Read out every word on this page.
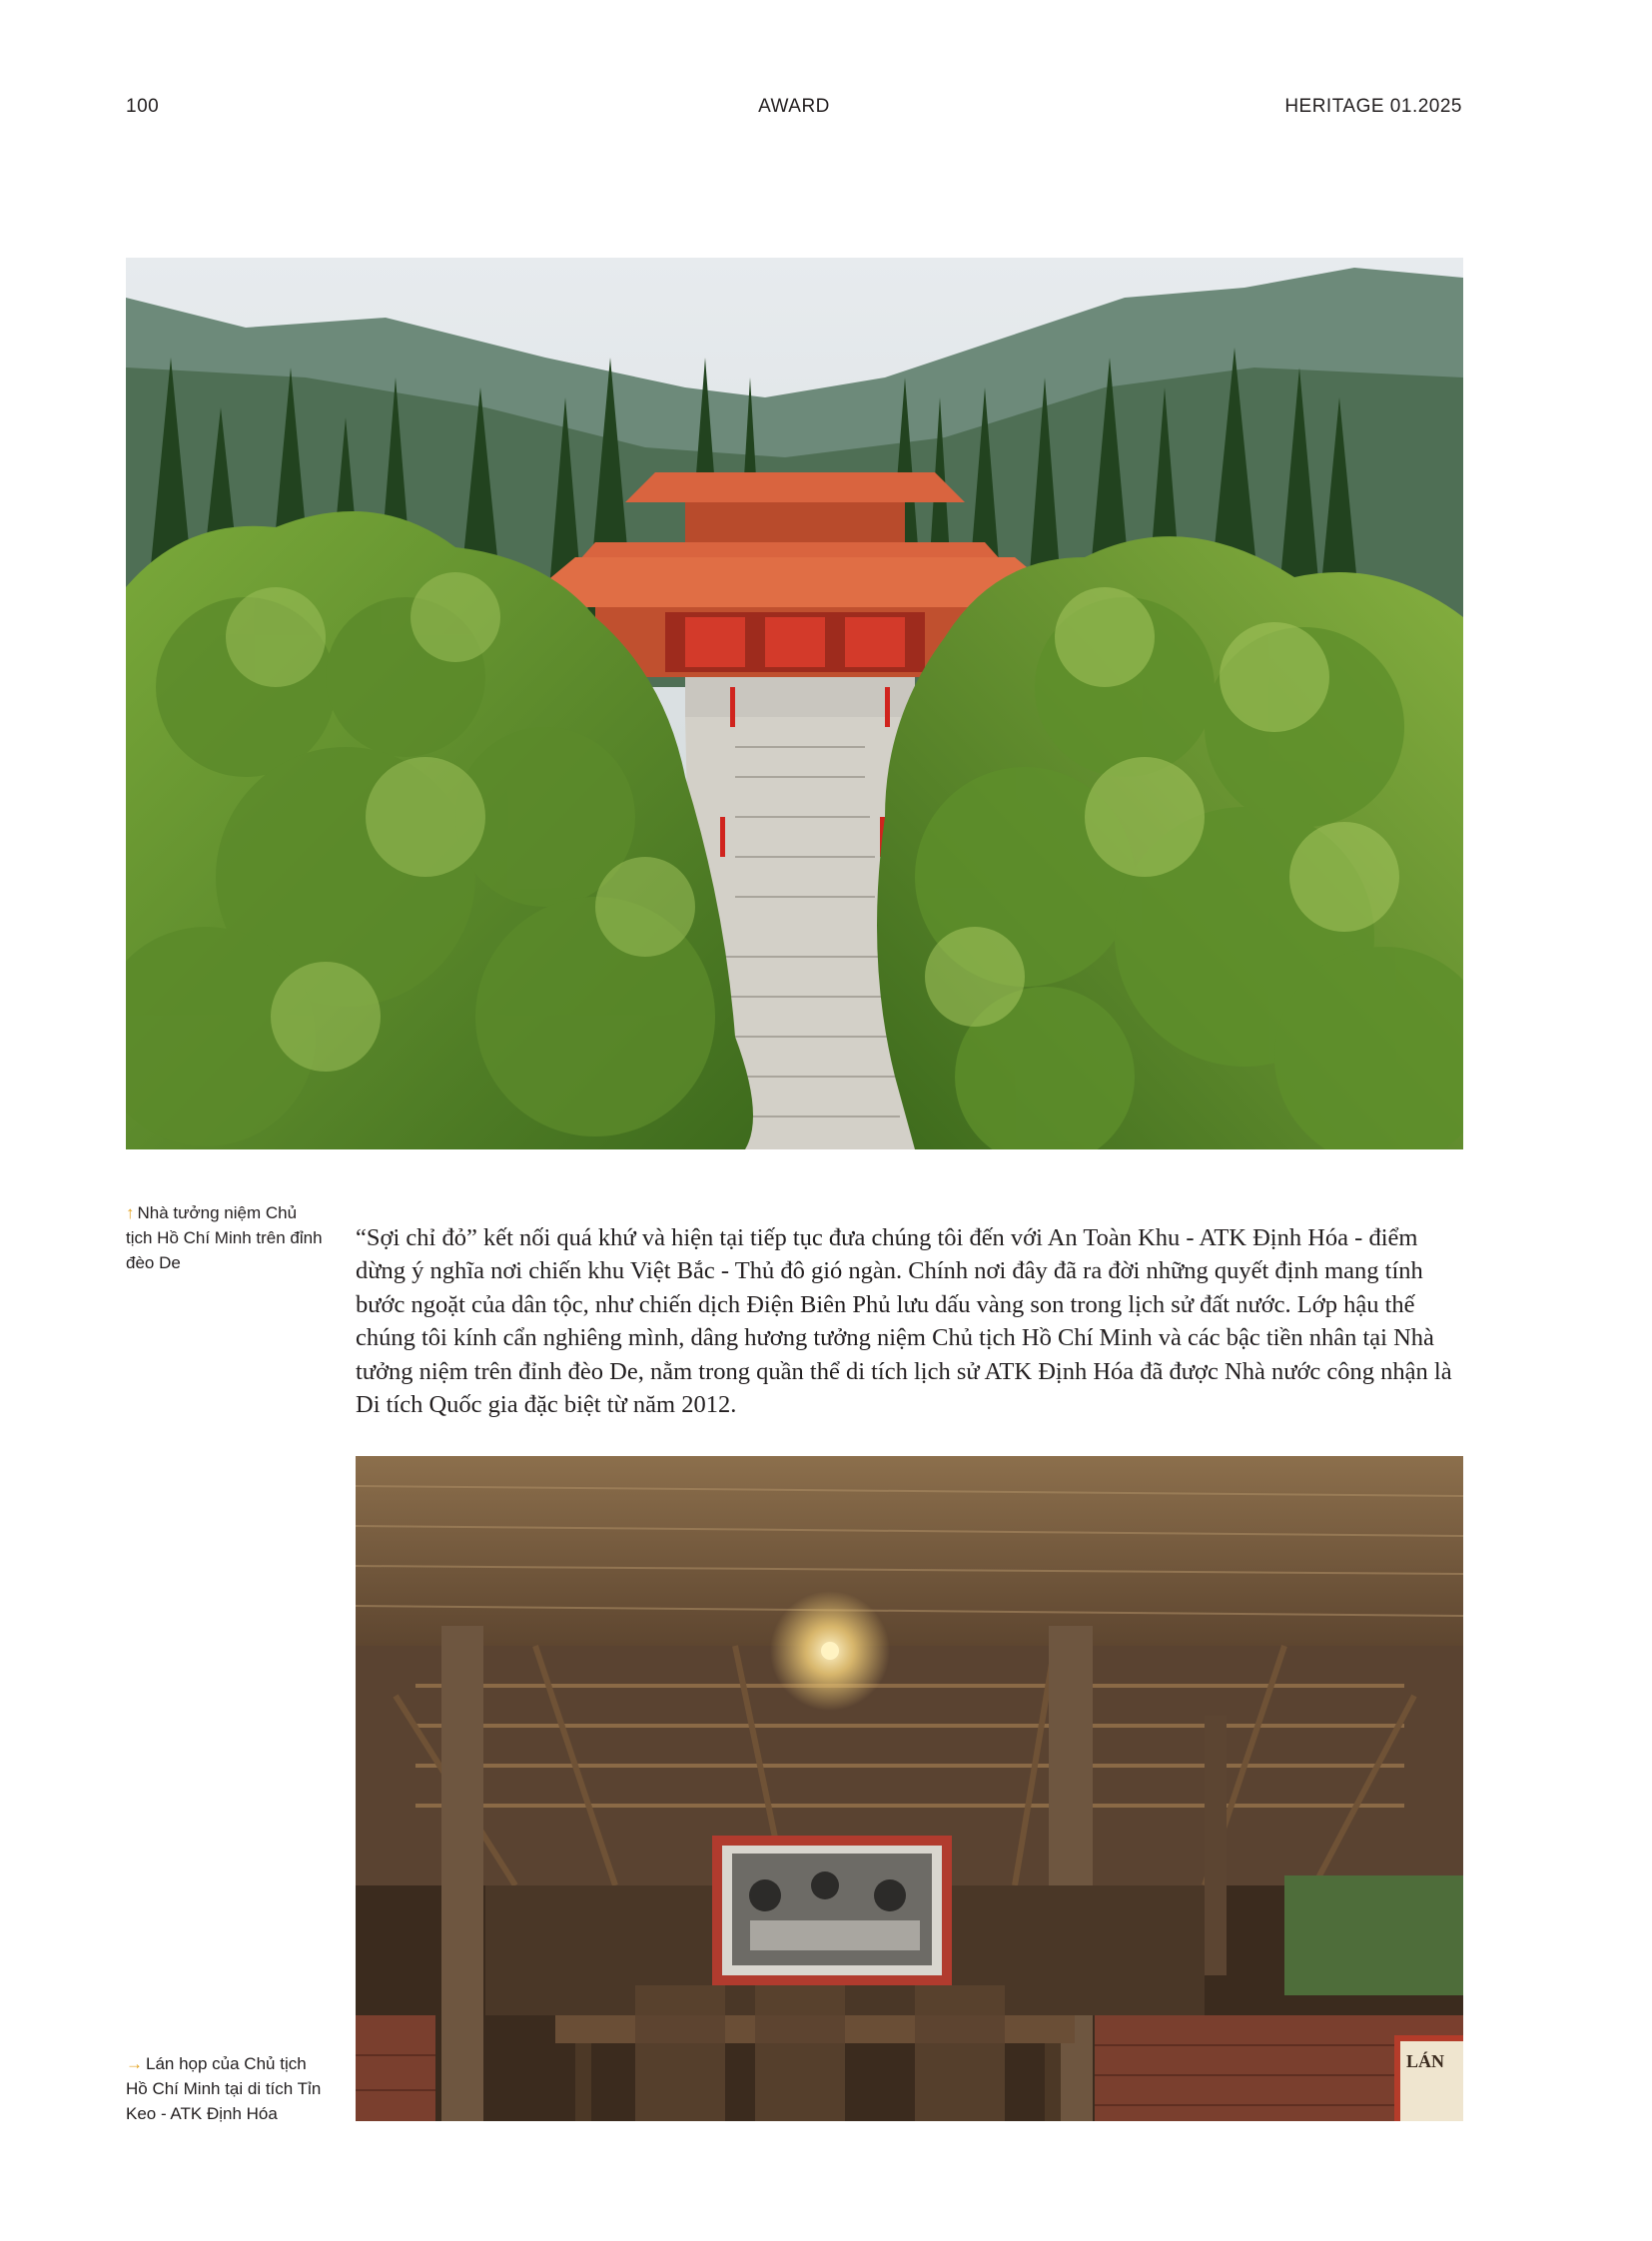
100	AWARD	HERITAGE 01.2025
↑ Nhà tưởng niệm Chủ tịch Hồ Chí Minh trên đỉnh đèo De

“Sợi chỉ đỏ” kết nối quá khứ và hiện tại tiếp tục đưa chúng tôi đến với An Toàn Khu - ATK Định Hóa - điểm dừng ý nghĩa nơi chiến khu Việt Bắc - Thủ đô gió ngàn. Chính nơi đây đã ra đời những quyết định mang tính bước ngoặt của dân tộc, như chiến dịch Điện Biên Phủ lưu dấu vàng son trong lịch sử đất nước. Lớp hậu thế chúng tôi kính cẩn nghiêng mình, dâng hương tưởng niệm Chủ tịch Hồ Chí Minh và các bậc tiền nhân tại Nhà tưởng niệm trên đỉnh đèo De, nằm trong quần thể di tích lịch sử ATK Định Hóa đã được Nhà nước công nhận là Di tích Quốc gia đặc biệt từ năm 2012.

LÁN
→ Lán họp của Chủ tịch Hồ Chí Minh tại di tích Tỉn Keo - ATK Định Hóa
